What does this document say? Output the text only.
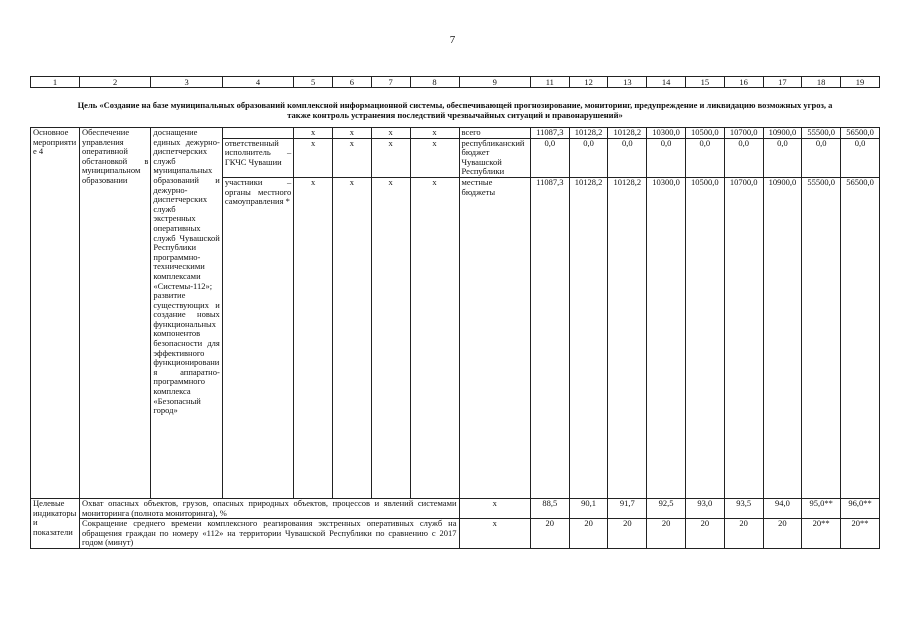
7
1	2	3	4	5	6	7	8	9	11	12	13	14	15	16	17	18	19
Цель «Создание на базе муниципальных образований комплексной информационной системы, обеспечивающей прогнозирование, мониторинг, предупреждение и ликвидацию возможных угроз, а также контроль устранения последствий чрезвычайных ситуаций и правонарушений»																	
Основное мероприятие 4	Обеспечение управления оперативной обстановкой в муниципальном образовании	доснащение единых дежурно-диспетчерских служб муниципальных образований и дежурно-диспетчерских служб экстренных оперативных служб Чувашской Республики программно-техническими комплексами «Системы-112»; развитие существующих и создание новых функциональных компонентов безопасности для эффективного функционирования аппаратно-программного комплекса «Безопасный город»		х	х	х	х	всего	11087,3	10128,2	10128,2	10300,0	10500,0	10700,0	10900,0	55500,0	56500,0
			ответственный исполнитель – ГКЧС Чувашии	х	х	х	х	республиканский бюджет Чувашской Республики	0,0	0,0	0,0	0,0	0,0	0,0	0,0	0,0	0,0
			участники – органы местного самоуправления *	х	х	х	х	местные бюджеты	11087,3	10128,2	10128,2	10300,0	10500,0	10700,0	10900,0	55500,0	56500,0
Целевые индикаторы и показатели	Охват опасных объектов, грузов, опасных природных объектов, процессов и явлений системами мониторинга (полнота мониторинга), %							х	88,5	90,1	91,7	92,5	93,0	93,5	94,0	95,0**	96,0**
	Сокращение среднего времени комплексного реагирования экстренных оперативных служб на обращения граждан по номеру «112» на территории Чувашской Республики по сравнению с 2017 годом (минут)							х	20	20	20	20	20	20	20	20**	20**
